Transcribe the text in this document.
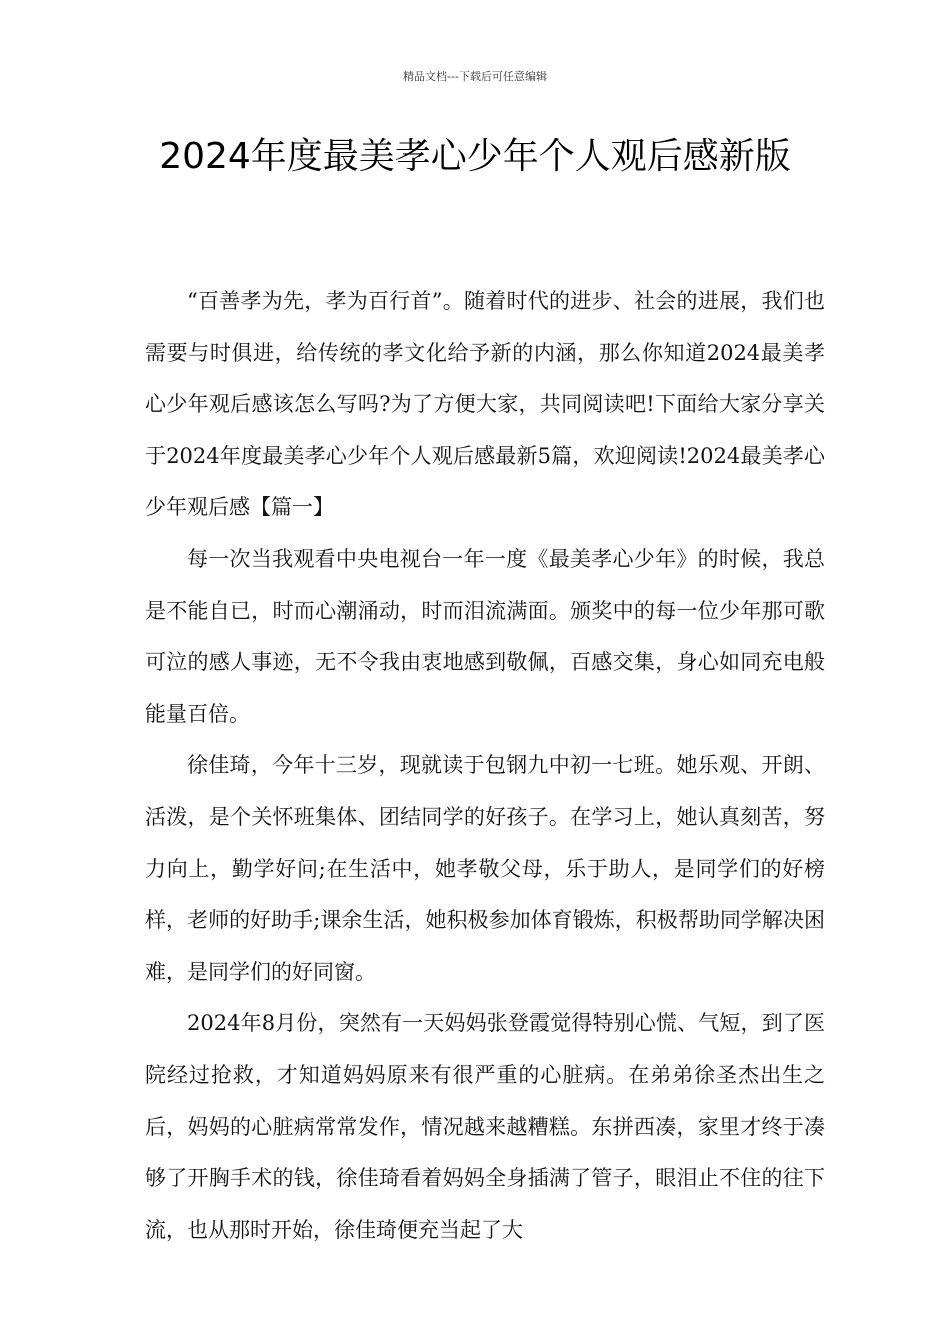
精品文档---下载后可任意编辑
2024年度最美孝心少年个人观后感新版

“百善孝为先，孝为百行首”。随着时代的进步、社会的进展，我们也需要与时俱进，给传统的孝文化给予新的内涵，那么你知道2024最美孝心少年观后感该怎么写吗?为了方便大家，共同阅读吧!下面给大家分享关于2024年度最美孝心少年个人观后感最新5篇，欢迎阅读!2024最美孝心少年观后感【篇一】

每一次当我观看中央电视台一年一度《最美孝心少年》的时候，我总是不能自已，时而心潮涌动，时而泪流满面。颁奖中的每一位少年那可歌可泣的感人事迹，无不令我由衷地感到敬佩，百感交集，身心如同充电般能量百倍。

徐佳琦，今年十三岁，现就读于包钢九中初一七班。她乐观、开朗、活泼，是个关怀班集体、团结同学的好孩子。在学习上，她认真刻苦，努力向上，勤学好问;在生活中，她孝敬父母，乐于助人，是同学们的好榜样，老师的好助手;课余生活，她积极参加体育锻炼，积极帮助同学解决困难，是同学们的好同窗。

2024年8月份，突然有一天妈妈张登霞觉得特别心慌、气短，到了医院经过抢救，才知道妈妈原来有很严重的心脏病。在弟弟徐圣杰出生之后，妈妈的心脏病常常发作，情况越来越糟糕。东拼西凑，家里才终于凑够了开胸手术的钱，徐佳琦看着妈妈全身插满了管子，眼泪止不住的往下流，也从那时开始，徐佳琦便充当起了大
